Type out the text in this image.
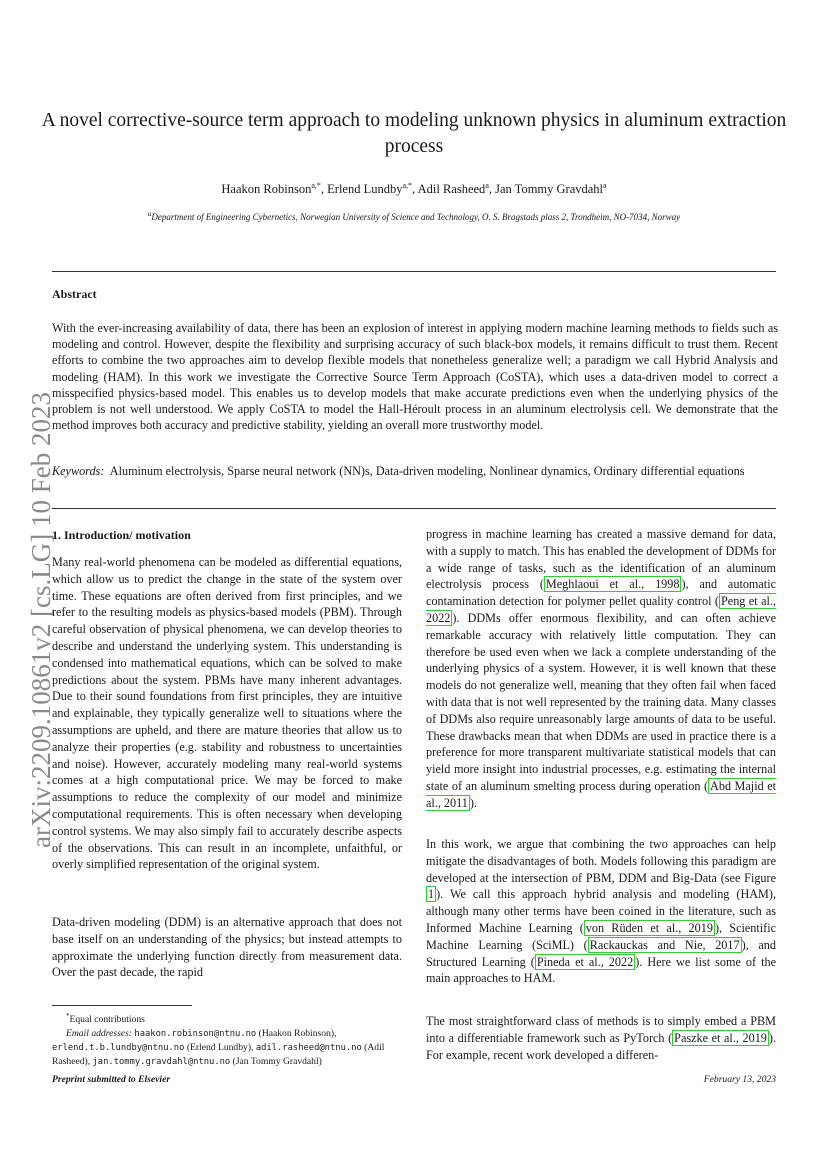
arXiv:2209.10861v2 [cs.LG] 10 Feb 2023
A novel corrective-source term approach to modeling unknown physics in aluminum extraction process
Haakon Robinson$^{a,*}$, Erlend Lundby$^{a,*}$, Adil Rasheed$^a$, Jan Tommy Gravdahl$^a$
$^a$Department of Engineering Cybernetics, Norwegian University of Science and Technology, O. S. Bragstads plass 2, Trondheim, NO-7034, Norway
Abstract
With the ever-increasing availability of data, there has been an explosion of interest in applying modern machine learning methods to fields such as modeling and control. However, despite the flexibility and surprising accuracy of such black-box models, it remains difficult to trust them. Recent efforts to combine the two approaches aim to develop flexible models that nonetheless generalize well; a paradigm we call Hybrid Analysis and modeling (HAM). In this work we investigate the Corrective Source Term Approach (CoSTA), which uses a data-driven model to correct a misspecified physics-based model. This enables us to develop models that make accurate predictions even when the underlying physics of the problem is not well understood. We apply CoSTA to model the Hall-Héroult process in an aluminum electrolysis cell. We demonstrate that the method improves both accuracy and predictive stability, yielding an overall more trustworthy model.
Keywords: Aluminum electrolysis, Sparse neural network (NN)s, Data-driven modeling, Nonlinear dynamics, Ordinary differential equations
1. Introduction/ motivation
Many real-world phenomena can be modeled as differential equations, which allow us to predict the change in the state of the system over time. These equations are often derived from first principles, and we refer to the resulting models as physics-based models (PBM). Through careful observation of physical phenomena, we can develop theories to describe and understand the underlying system. This understanding is condensed into mathematical equations, which can be solved to make predictions about the system. PBMs have many inherent advantages. Due to their sound foundations from first principles, they are intuitive and explainable, they typically generalize well to situations where the assumptions are upheld, and there are mature theories that allow us to analyze their properties (e.g. stability and robustness to uncertainties and noise). However, accurately modeling many real-world systems comes at a high computational price. We may be forced to make assumptions to reduce the complexity of our model and minimize computational requirements. This is often necessary when developing control systems. We may also simply fail to accurately describe aspects of the observations. This can result in an incomplete, unfaithful, or overly simplified representation of the original system.
Data-driven modeling (DDM) is an alternative approach that does not base itself on an understanding of the physics; but instead attempts to approximate the underlying function directly from measurement data. Over the past decade, the rapid
progress in machine learning has created a massive demand for data, with a supply to match. This has enabled the development of DDMs for a wide range of tasks, such as the identification of an aluminum electrolysis process ( Meghlaoui et al., 1998 ), and automatic contamination detection for polymer pellet quality control ( Peng et al., 2022 ). DDMs offer enormous flexibility, and can often achieve remarkable accuracy with relatively little computation. They can therefore be used even when we lack a complete understanding of the underlying physics of a system. However, it is well known that these models do not generalize well, meaning that they often fail when faced with data that is not well represented by the training data. Many classes of DDMs also require unreasonably large amounts of data to be useful. These drawbacks mean that when DDMs are used in practice there is a preference for more transparent multivariate statistical models that can yield more insight into industrial processes, e.g. estimating the internal state of an aluminum smelting process during operation ( Abd Majid et al., 2011 ).
In this work, we argue that combining the two approaches can help mitigate the disadvantages of both. Models following this paradigm are developed at the intersection of PBM, DDM and Big-Data (see Figure 1 ). We call this approach hybrid analysis and modeling (HAM), although many other terms have been coined in the literature, such as Informed Machine Learning ( von Rüden et al., 2019 ), Scientific Machine Learning (SciML) ( Rackauckas and Nie, 2017 ), and Structured Learning ( Pineda et al., 2022 ). Here we list some of the main approaches to HAM.
The most straightforward class of methods is to simply embed a PBM into a differentiable framework such as PyTorch ( Paszke et al., 2019 ). For example, recent work developed a differen-
*Equal contributions
Email addresses: haakon.robinson@ntnu.no (Haakon Robinson), erlend.t.b.lundby@ntnu.no (Erlend Lundby), adil.rasheed@ntnu.no (Adil Rasheed), jan.tommy.gravdahl@ntnu.no (Jan Tommy Gravdahl)
Preprint submitted to Elsevier	February 13, 2023
